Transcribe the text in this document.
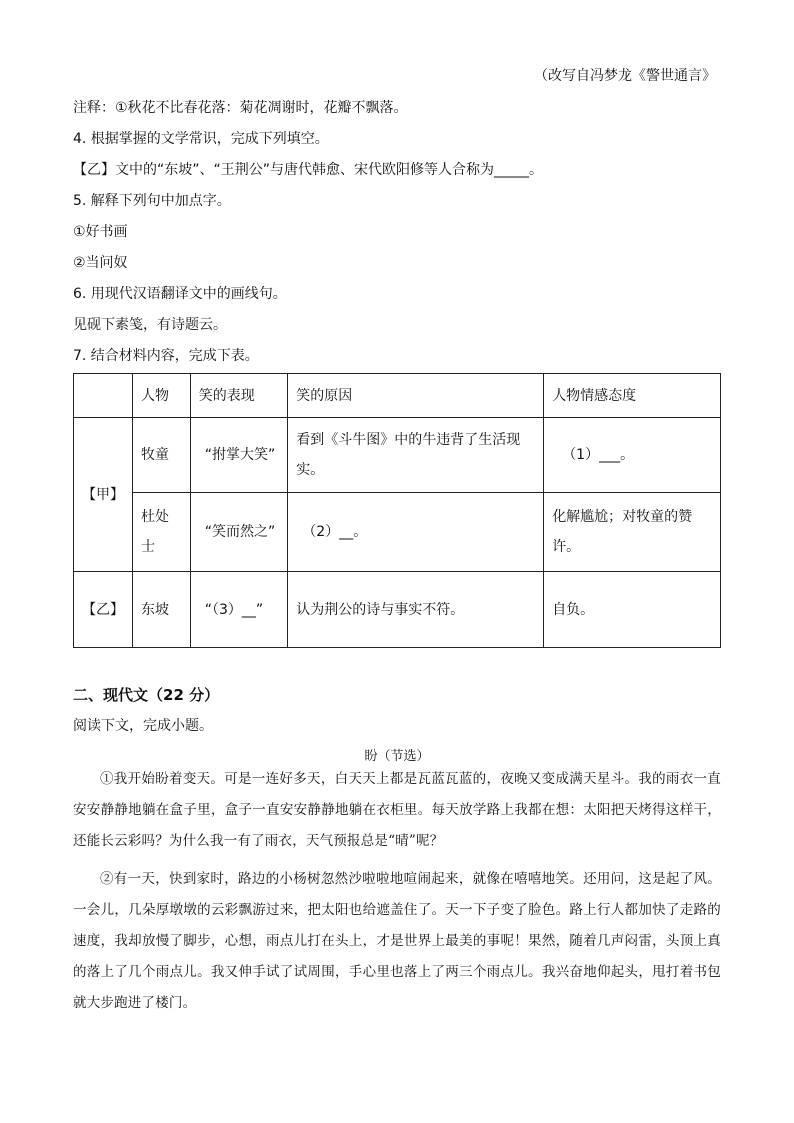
（改写自冯梦龙《警世通言》
注释：①秋花不比春花落：菊花凋谢时，花瓣不飘落。
4. 根据掌握的文学常识，完成下列填空。
【乙】文中的“东坡”、“王荆公”与唐代韩愈、宋代欧阳修等人合称为_____。
5. 解释下列句中加点字。
①好书画
②当问奴
6. 用现代汉语翻译文中的画线句。
见砚下素笺，有诗题云。
7. 结合材料内容，完成下表。
	人物	笑的表现	笑的原因	人物情感态度
【甲】	牧童	“拊掌大笑”	看到《斗牛图》中的牛违背了生活现实。	（1）___。
	杜处士	“笑而然之”	（2）__。	化解尴尬；对牧童的赞许。
【乙】	东坡	“（3）__”	认为荆公的诗与事实不符。	自负。
二、现代文（22 分）
阅读下文，完成小题。
盼（节选）

①我开始盼着变天。可是一连好多天，白天天上都是瓦蓝瓦蓝的，夜晚又变成满天星斗。我的雨衣一直安安静静地躺在盒子里，盒子一直安安静静地躺在衣柜里。每天放学路上我都在想：太阳把天烤得这样干，还能长云彩吗？为什么我一有了雨衣，天气预报总是“晴”呢？

②有一天，快到家时，路边的小杨树忽然沙啦啦地喧闹起来，就像在嘻嘻地笑。还用问，这是起了风。一会儿，几朵厚墩墩的云彩飘游过来，把太阳也给遮盖住了。天一下子变了脸色。路上行人都加快了走路的速度，我却放慢了脚步，心想，雨点儿打在头上，才是世界上最美的事呢！果然，随着几声闷雷，头顶上真的落上了几个雨点儿。我又伸手试了试周围，手心里也落上了两三个雨点儿。我兴奋地仰起头，甩打着书包就大步跑进了楼门。
